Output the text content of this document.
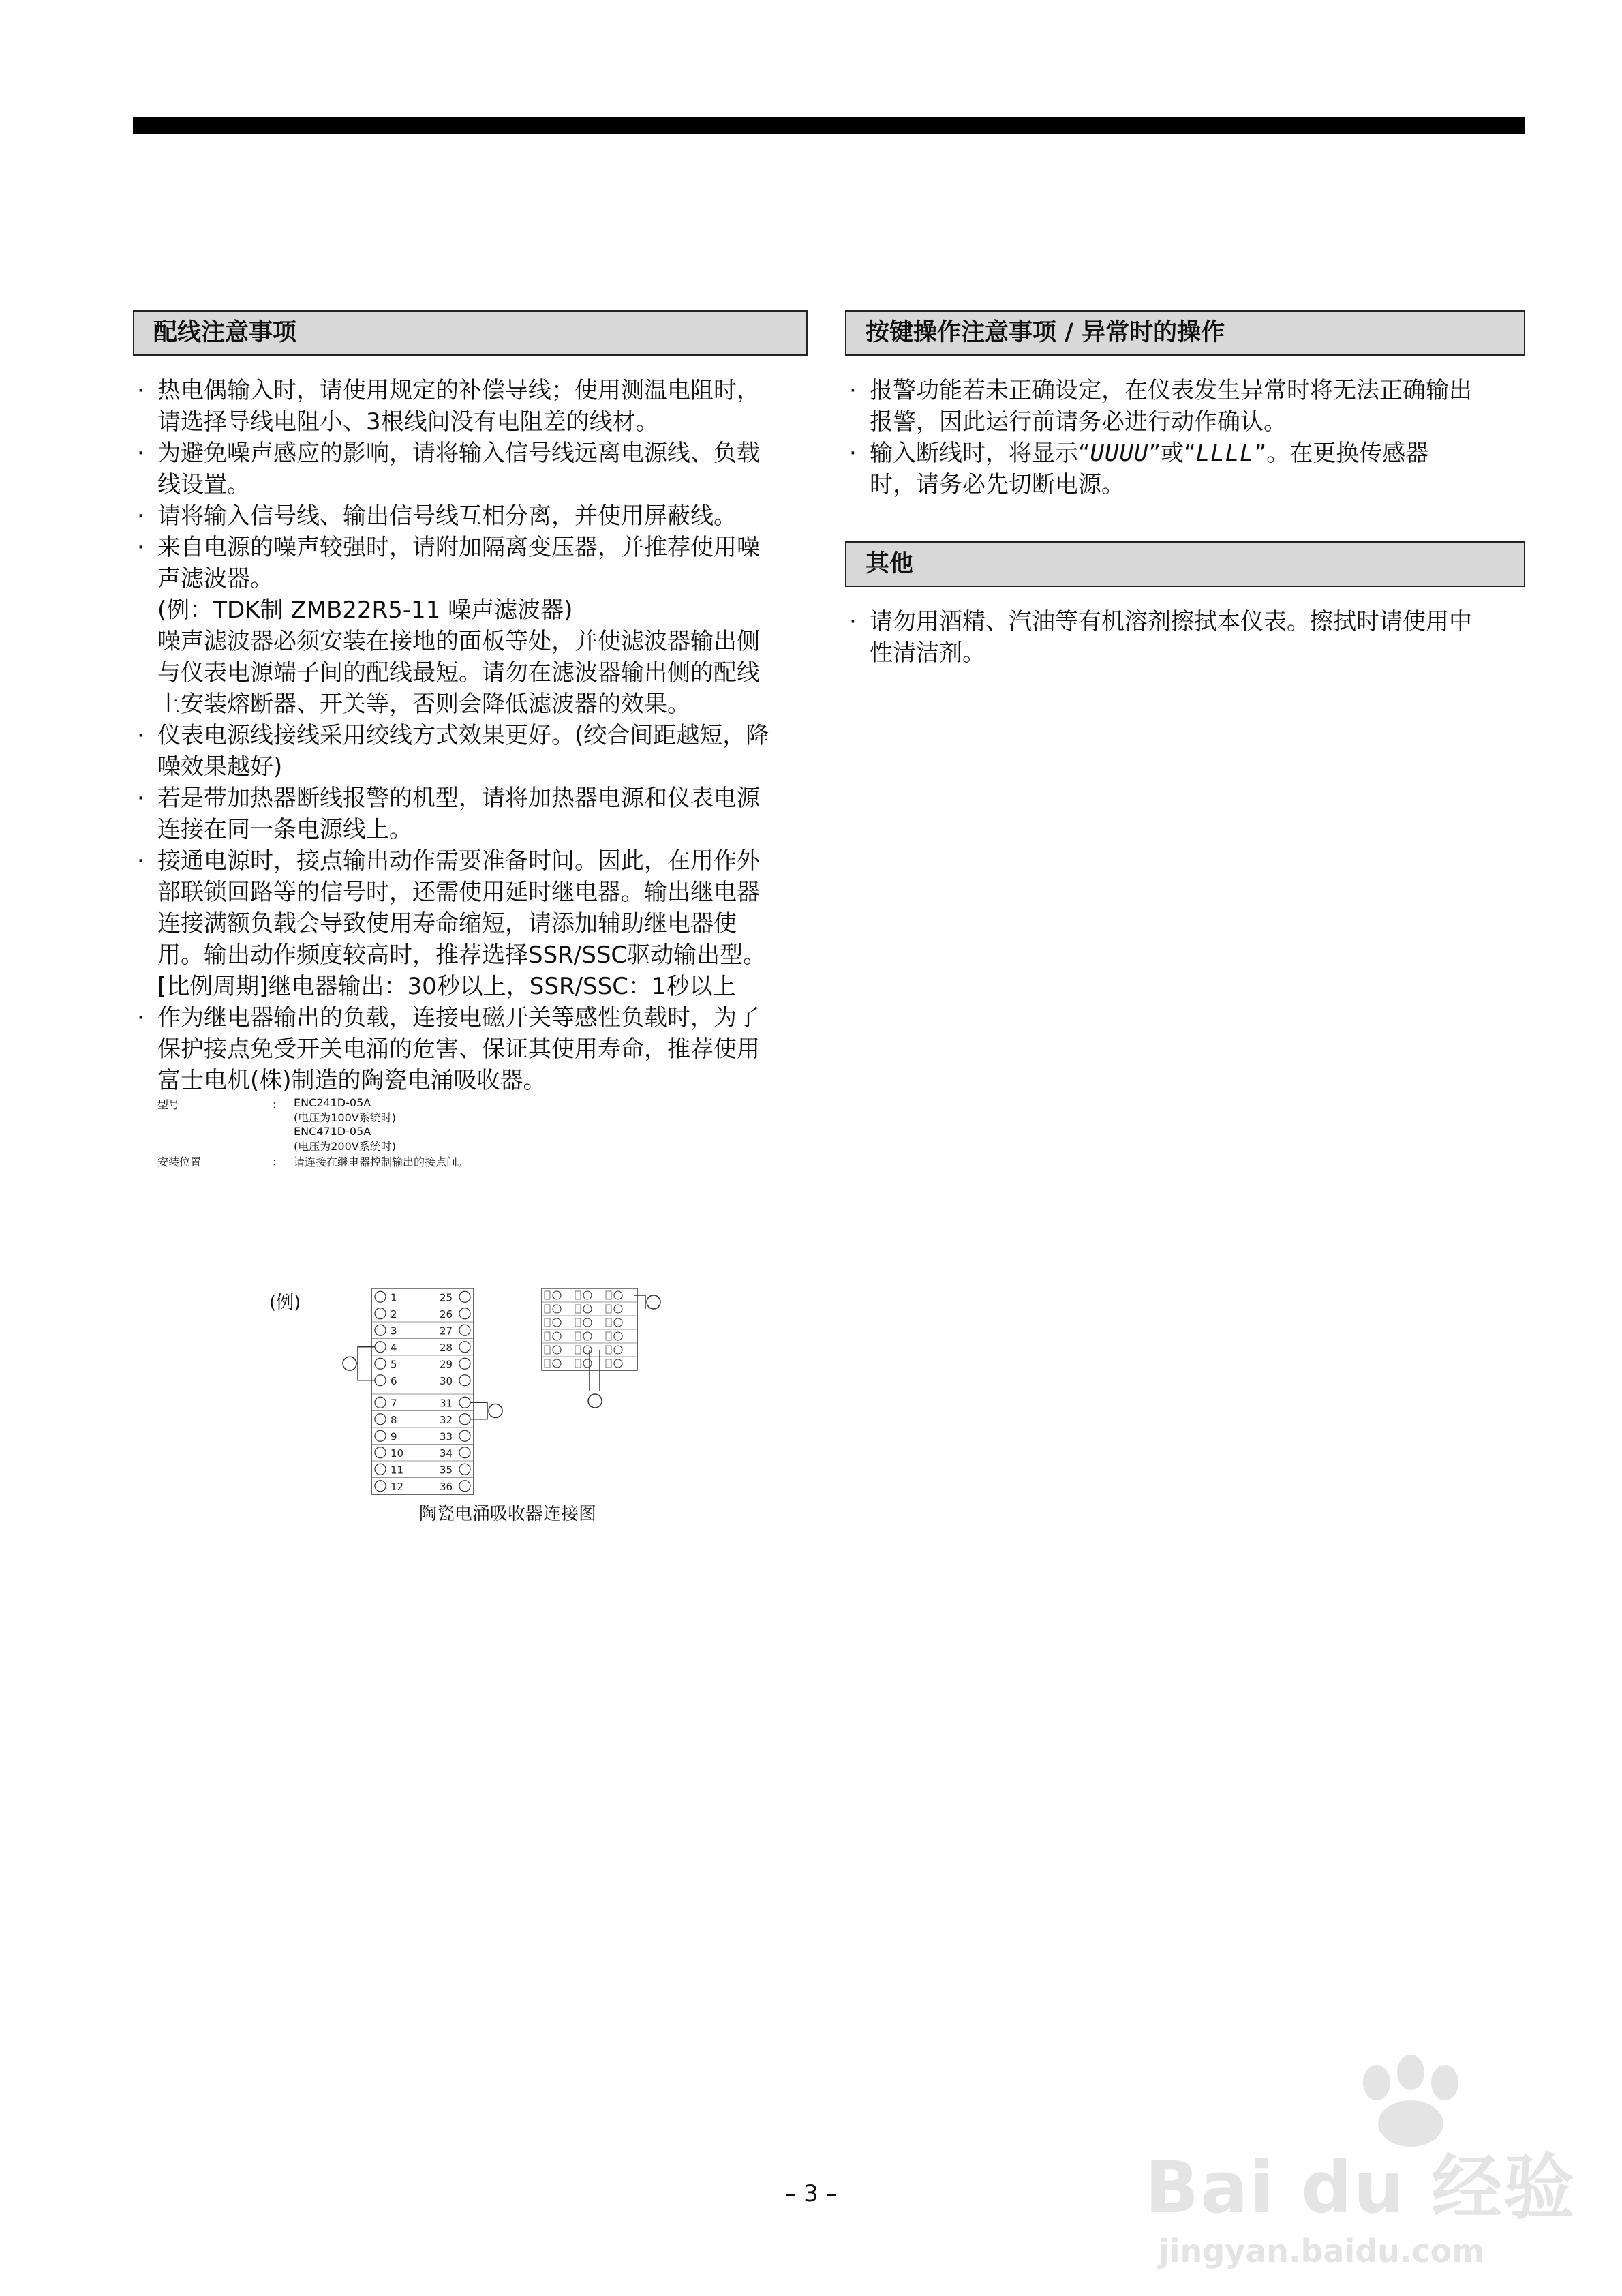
配线注意事项
· 热电偶输入时，请使用规定的补偿导线；使用测温电阻时，

请选择导线电阻小、3根线间没有电阻差的线材。

· 为避免噪声感应的影响，请将输入信号线远离电源线、负载

线设置。

· 请将输入信号线、输出信号线互相分离，并使用屏蔽线。

· 来自电源的噪声较强时，请附加隔离变压器，并推荐使用噪

声滤波器。

(例：TDK制 ZMB22R5-11 噪声滤波器)

噪声滤波器必须安装在接地的面板等处，并使滤波器输出侧

与仪表电源端子间的配线最短。请勿在滤波器输出侧的配线

上安装熔断器、开关等，否则会降低滤波器的效果。

· 仪表电源线接线采用绞线方式效果更好。(绞合间距越短，降

噪效果越好)

· 若是带加热器断线报警的机型，请将加热器电源和仪表电源

连接在同一条电源线上。

· 接通电源时，接点输出动作需要准备时间。因此，在用作外

部联锁回路等的信号时，还需使用延时继电器。输出继电器

连接满额负载会导致使用寿命缩短，请添加辅助继电器使

用。输出动作频度较高时，推荐选择SSR/SSC驱动输出型。

[比例周期]继电器输出：30秒以上，SSR/SSC：1秒以上

· 作为继电器输出的负载，连接电磁开关等感性负载时，为了

保护接点免受开关电涌的危害、保证其使用寿命，推荐使用

富士电机(株)制造的陶瓷电涌吸收器。

型号	： ENC241D-05A
(电压为100V系统时)
ENC471D-05A
(电压为200V系统时)
安装位置	： 请连接在继电器控制输出的接点间。
(例)	1	25
2	26
3	27
4	28
5	29
6	30
7	31
8	32
9	33
10	34
11	35
12	36
陶瓷电涌吸收器连接图
按键操作注意事项 / 异常时的操作
· 报警功能若未正确设定，在仪表发生异常时将无法正确输出

报警，因此运行前请务必进行动作确认。

· 输入断线时，将显示“UUUU”或“LLLL”。在更换传感器

时，请务必先切断电源。

其他
· 请勿用酒精、汽油等有机溶剂擦拭本仪表。擦拭时请使用中

性清洁剂。

– 3 –	Bai du 经验
jingyan.baidu.com
